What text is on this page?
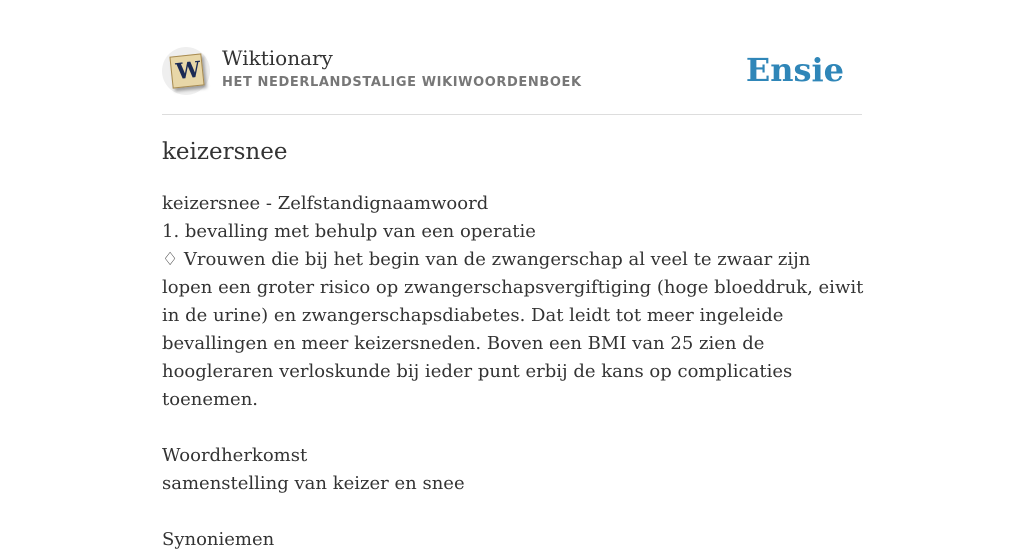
W Wiktionary
HET NEDERLANDSTALIGE WIKIWOORDENBOEK	Ensie
keizersnee
keizersnee - Zelfstandignaamwoord
1. bevalling met behulp van een operatie

♢ Vrouwen die bij het begin van de zwangerschap al veel te zwaar zijn lopen een groter risico op zwangerschapsvergiftiging (hoge bloeddruk, eiwit in de urine) en zwangerschapsdiabetes. Dat leidt tot meer ingeleide bevallingen en meer keizersneden. Boven een BMI van 25 zien de hoogleraren verloskunde bij ieder punt erbij de kans op complicaties toenemen.

Woordherkomst
samenstelling van keizer en snee
Synoniemen
